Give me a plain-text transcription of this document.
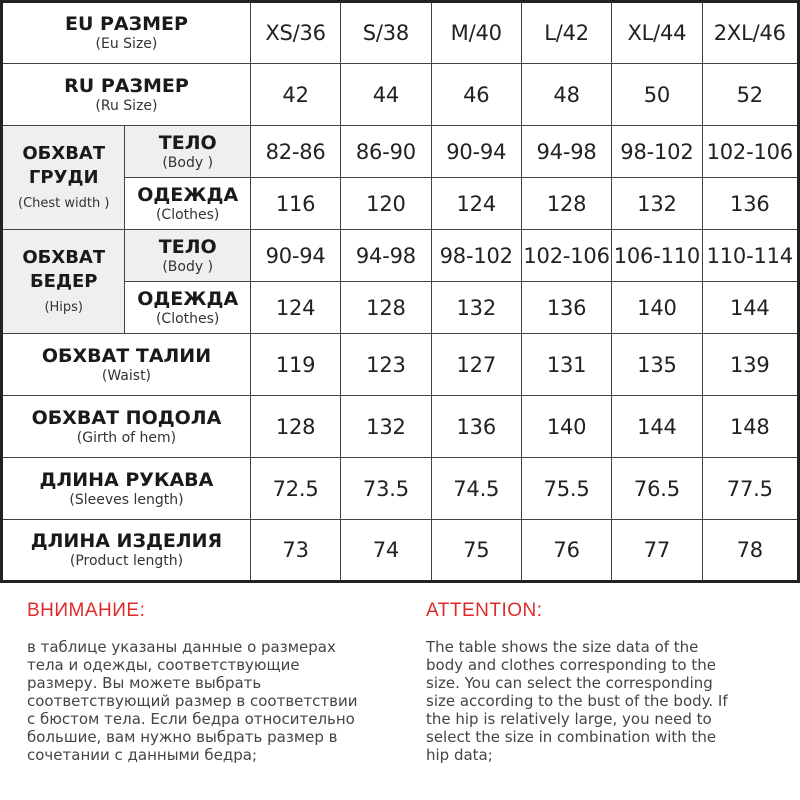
EU РАЗМЕР
(Eu Size)		XS/36	S/38	M/40	L/42	XL/44	2XL/46

RU РАЗМЕР
(Ru Size)		42	44	46	48	50	52

ОБХВАТ
ГРУДИ
(Chest width )	ТЕЛО
(Body )	82-86	86-90	90-94	94-98	98-102	102-106

	ОДЕЖДА
(Clothes)	116	120	124	128	132	136

ОБХВАТ
БЕДЕР
(Hips)	ТЕЛО
(Body )	90-94	94-98	98-102	102-106	106-110	110-114

	ОДЕЖДА
(Clothes)	124	128	132	136	140	144

ОБХВАТ ТАЛИИ
(Waist)		119	123	127	131	135	139

ОБХВАТ ПОДОЛА
(Girth of hem)		128	132	136	140	144	148

ДЛИНА РУКАВА
(Sleeves length)		72.5	73.5	74.5	75.5	76.5	77.5

ДЛИНА ИЗДЕЛИЯ
(Product length)		73	74	75	76	77	78
ВНИМАНИЕ:

в таблице указаны данные о размерах
тела и одежды, соответствующие
размеру. Вы можете выбрать
соответствующий размер в соответствии
с бюстом тела. Если бедра относительно
большие, вам нужно выбрать размер в
сочетании с данными бедра;

ATTENTION:

The table shows the size data of the
body and clothes corresponding to the
size. You can select the corresponding
size according to the bust of the body. If
the hip is relatively large, you need to
select the size in combination with the
hip data;
